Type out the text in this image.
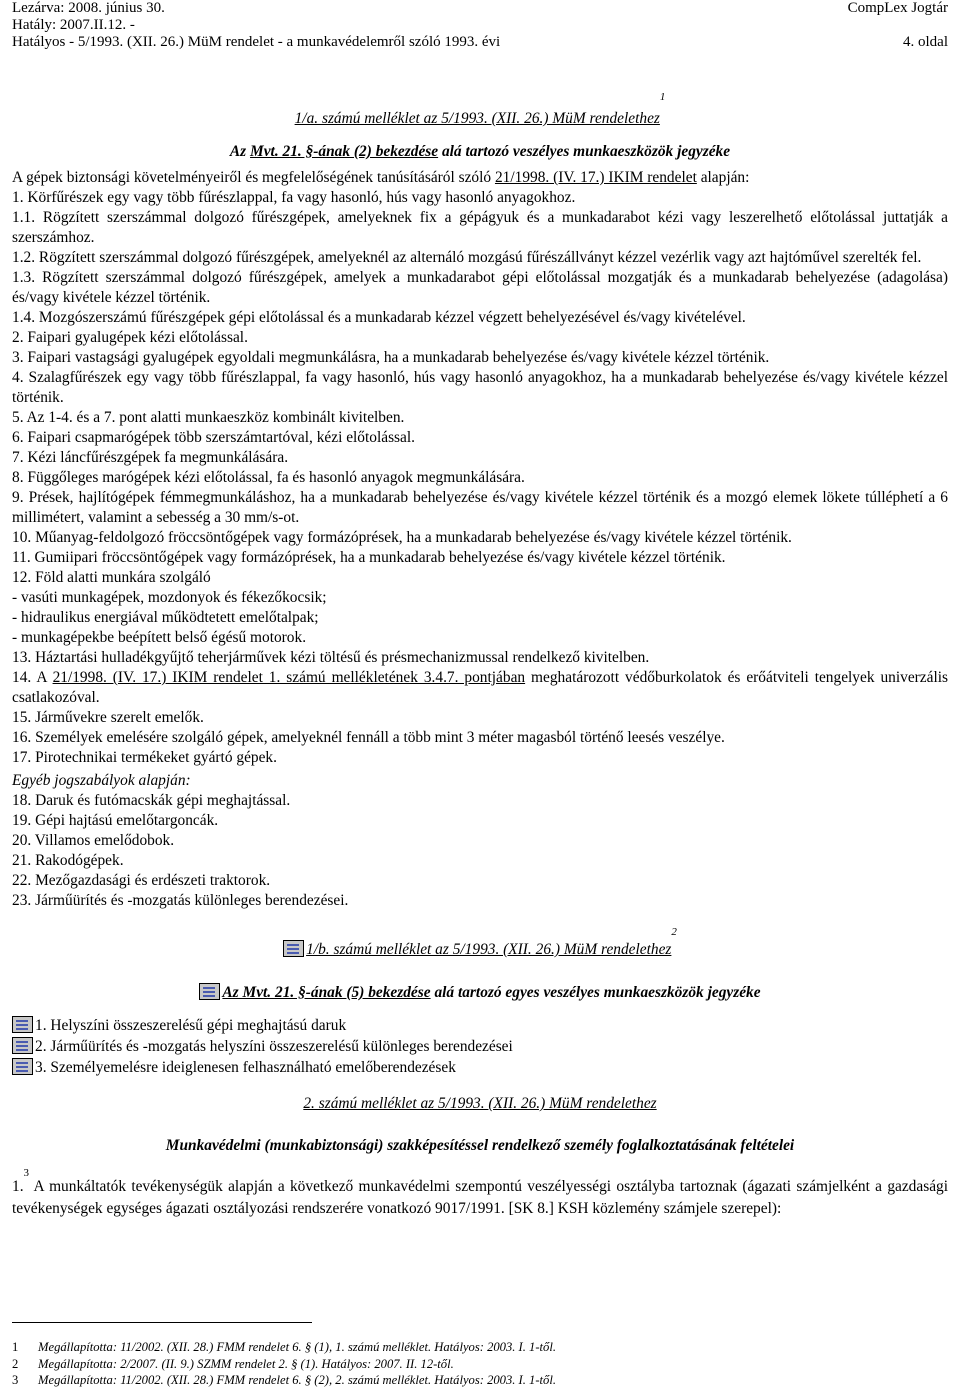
Lezárva: 2008. június 30.	CompLex Jogtár
Hatály: 2007.II.12. -
Hatályos - 5/1993. (XII. 26.) MüM rendelet - a munkavédelemről szóló 1993. évi	4. oldal
1/a. számú melléklet az 5/1993. (XII. 26.) MüM rendelethez$^1$
Az Mvt. 21. §-ának (2) bekezdése alá tartozó veszélyes munkaeszközök jegyzéke

A gépek biztonsági követelményeiről és megfelelőségének tanúsításáról szóló 21/1998. (IV. 17.) IKIM rendelet alapján:

1. Körfűrészek egy vagy több fűrészlappal, fa vagy hasonló, hús vagy hasonló anyagokhoz.

1.1. Rögzített szerszámmal dolgozó fűrészgépek, amelyeknek fix a gépágyuk és a munkadarabot kézi vagy leszerelhető előtolással juttatják a szerszámhoz.

1.2. Rögzített szerszámmal dolgozó fűrészgépek, amelyeknél az alternáló mozgású fűrészállványt kézzel vezérlik vagy azt hajtóművel szerelték fel.

1.3. Rögzített szerszámmal dolgozó fűrészgépek, amelyek a munkadarabot gépi előtolással mozgatják és a munkadarab behelyezése (adagolása) és/vagy kivétele kézzel történik.

1.4. Mozgószerszámú fűrészgépek gépi előtolással és a munkadarab kézzel végzett behelyezésével és/vagy kivételével.

2. Faipari gyalugépek kézi előtolással.

3. Faipari vastagsági gyalugépek egyoldali megmunkálásra, ha a munkadarab behelyezése és/vagy kivétele kézzel történik.

4. Szalagfűrészek egy vagy több fűrészlappal, fa vagy hasonló, hús vagy hasonló anyagokhoz, ha a munkadarab behelyezése és/vagy kivétele kézzel történik.

5. Az 1-4. és a 7. pont alatti munkaeszköz kombinált kivitelben.

6. Faipari csapmarógépek több szerszámtartóval, kézi előtolással.

7. Kézi láncfűrészgépek fa megmunkálására.

8. Függőleges marógépek kézi előtolással, fa és hasonló anyagok megmunkálására.

9. Prések, hajlítógépek fémmegmunkáláshoz, ha a munkadarab behelyezése és/vagy kivétele kézzel történik és a mozgó elemek lökete túlléphetí a 6 millimétert, valamint a sebesség a 30 mm/s-ot.

10. Műanyag-feldolgozó fröccsöntőgépek vagy formázóprések, ha a munkadarab behelyezése és/vagy kivétele kézzel történik.

11. Gumiipari fröccsöntőgépek vagy formázóprések, ha a munkadarab behelyezése és/vagy kivétele kézzel történik.

12. Föld alatti munkára szolgáló

- vasúti munkagépek, mozdonyok és fékezőkocsik;

- hidraulikus energiával működtetett emelőtalpak;

- munkagépekbe beépített belső égésű motorok.

13. Háztartási hulladékgyűjtő teherjárművek kézi töltésű és présmechanizmussal rendelkező kivitelben.

14. A 21/1998. (IV. 17.) IKIM rendelet 1. számú mellékletének 3.4.7. pontjában meghatározott védőburkolatok és erőátviteli tengelyek univerzális csatlakozóval.

15. Járművekre szerelt emelők.

16. Személyek emelésére szolgáló gépek, amelyeknél fennáll a több mint 3 méter magasból történő leesés veszélye.

17. Pirotechnikai termékeket gyártó gépek.

Egyéb jogszabályok alapján:

18. Daruk és futómacskák gépi meghajtással.

19. Gépi hajtású emelőtargoncák.

20. Villamos emelődobok.

21. Rakodógépek.

22. Mezőgazdasági és erdészeti traktorok.

23. Járműürítés és -mozgatás különleges berendezései.

1/b. számú melléklet az 5/1993. (XII. 26.) MüM rendelethez$^2$
Az Mvt. 21. §-ának (5) bekezdése alá tartozó egyes veszélyes munkaeszközök jegyzéke

1. Helyszíni összeszerelésű gépi meghajtású daruk

2. Járműürítés és -mozgatás helyszíni összeszerelésű különleges berendezései

3. Személyemelésre ideiglenesen felhasználható emelőberendezések

2. számú melléklet az 5/1993. (XII. 26.) MüM rendelethez
Munkavédelmi (munkabiztonsági) szakképesítéssel rendelkező személy foglalkoztatásának feltételei

1.$^3$ A munkáltatók tevékenységük alapján a következő munkavédelmi szempontú veszélyességi osztályba tartoznak (ágazati számjelként a gazdasági tevékenységek egységes ágazati osztályozási rendszerére vonatkozó 9017/1991. [SK 8.] KSH közlemény számjele szerepel):

1 Megállapította: 11/2002. (XII. 28.) FMM rendelet 6. § (1), 1. számú melléklet. Hatályos: 2003. I. 1-től.
2 Megállapította: 2/2007. (II. 9.) SZMM rendelet 2. § (1). Hatályos: 2007. II. 12-től.
3 Megállapította: 11/2002. (XII. 28.) FMM rendelet 6. § (2), 2. számú melléklet. Hatályos: 2003. I. 1-től.
